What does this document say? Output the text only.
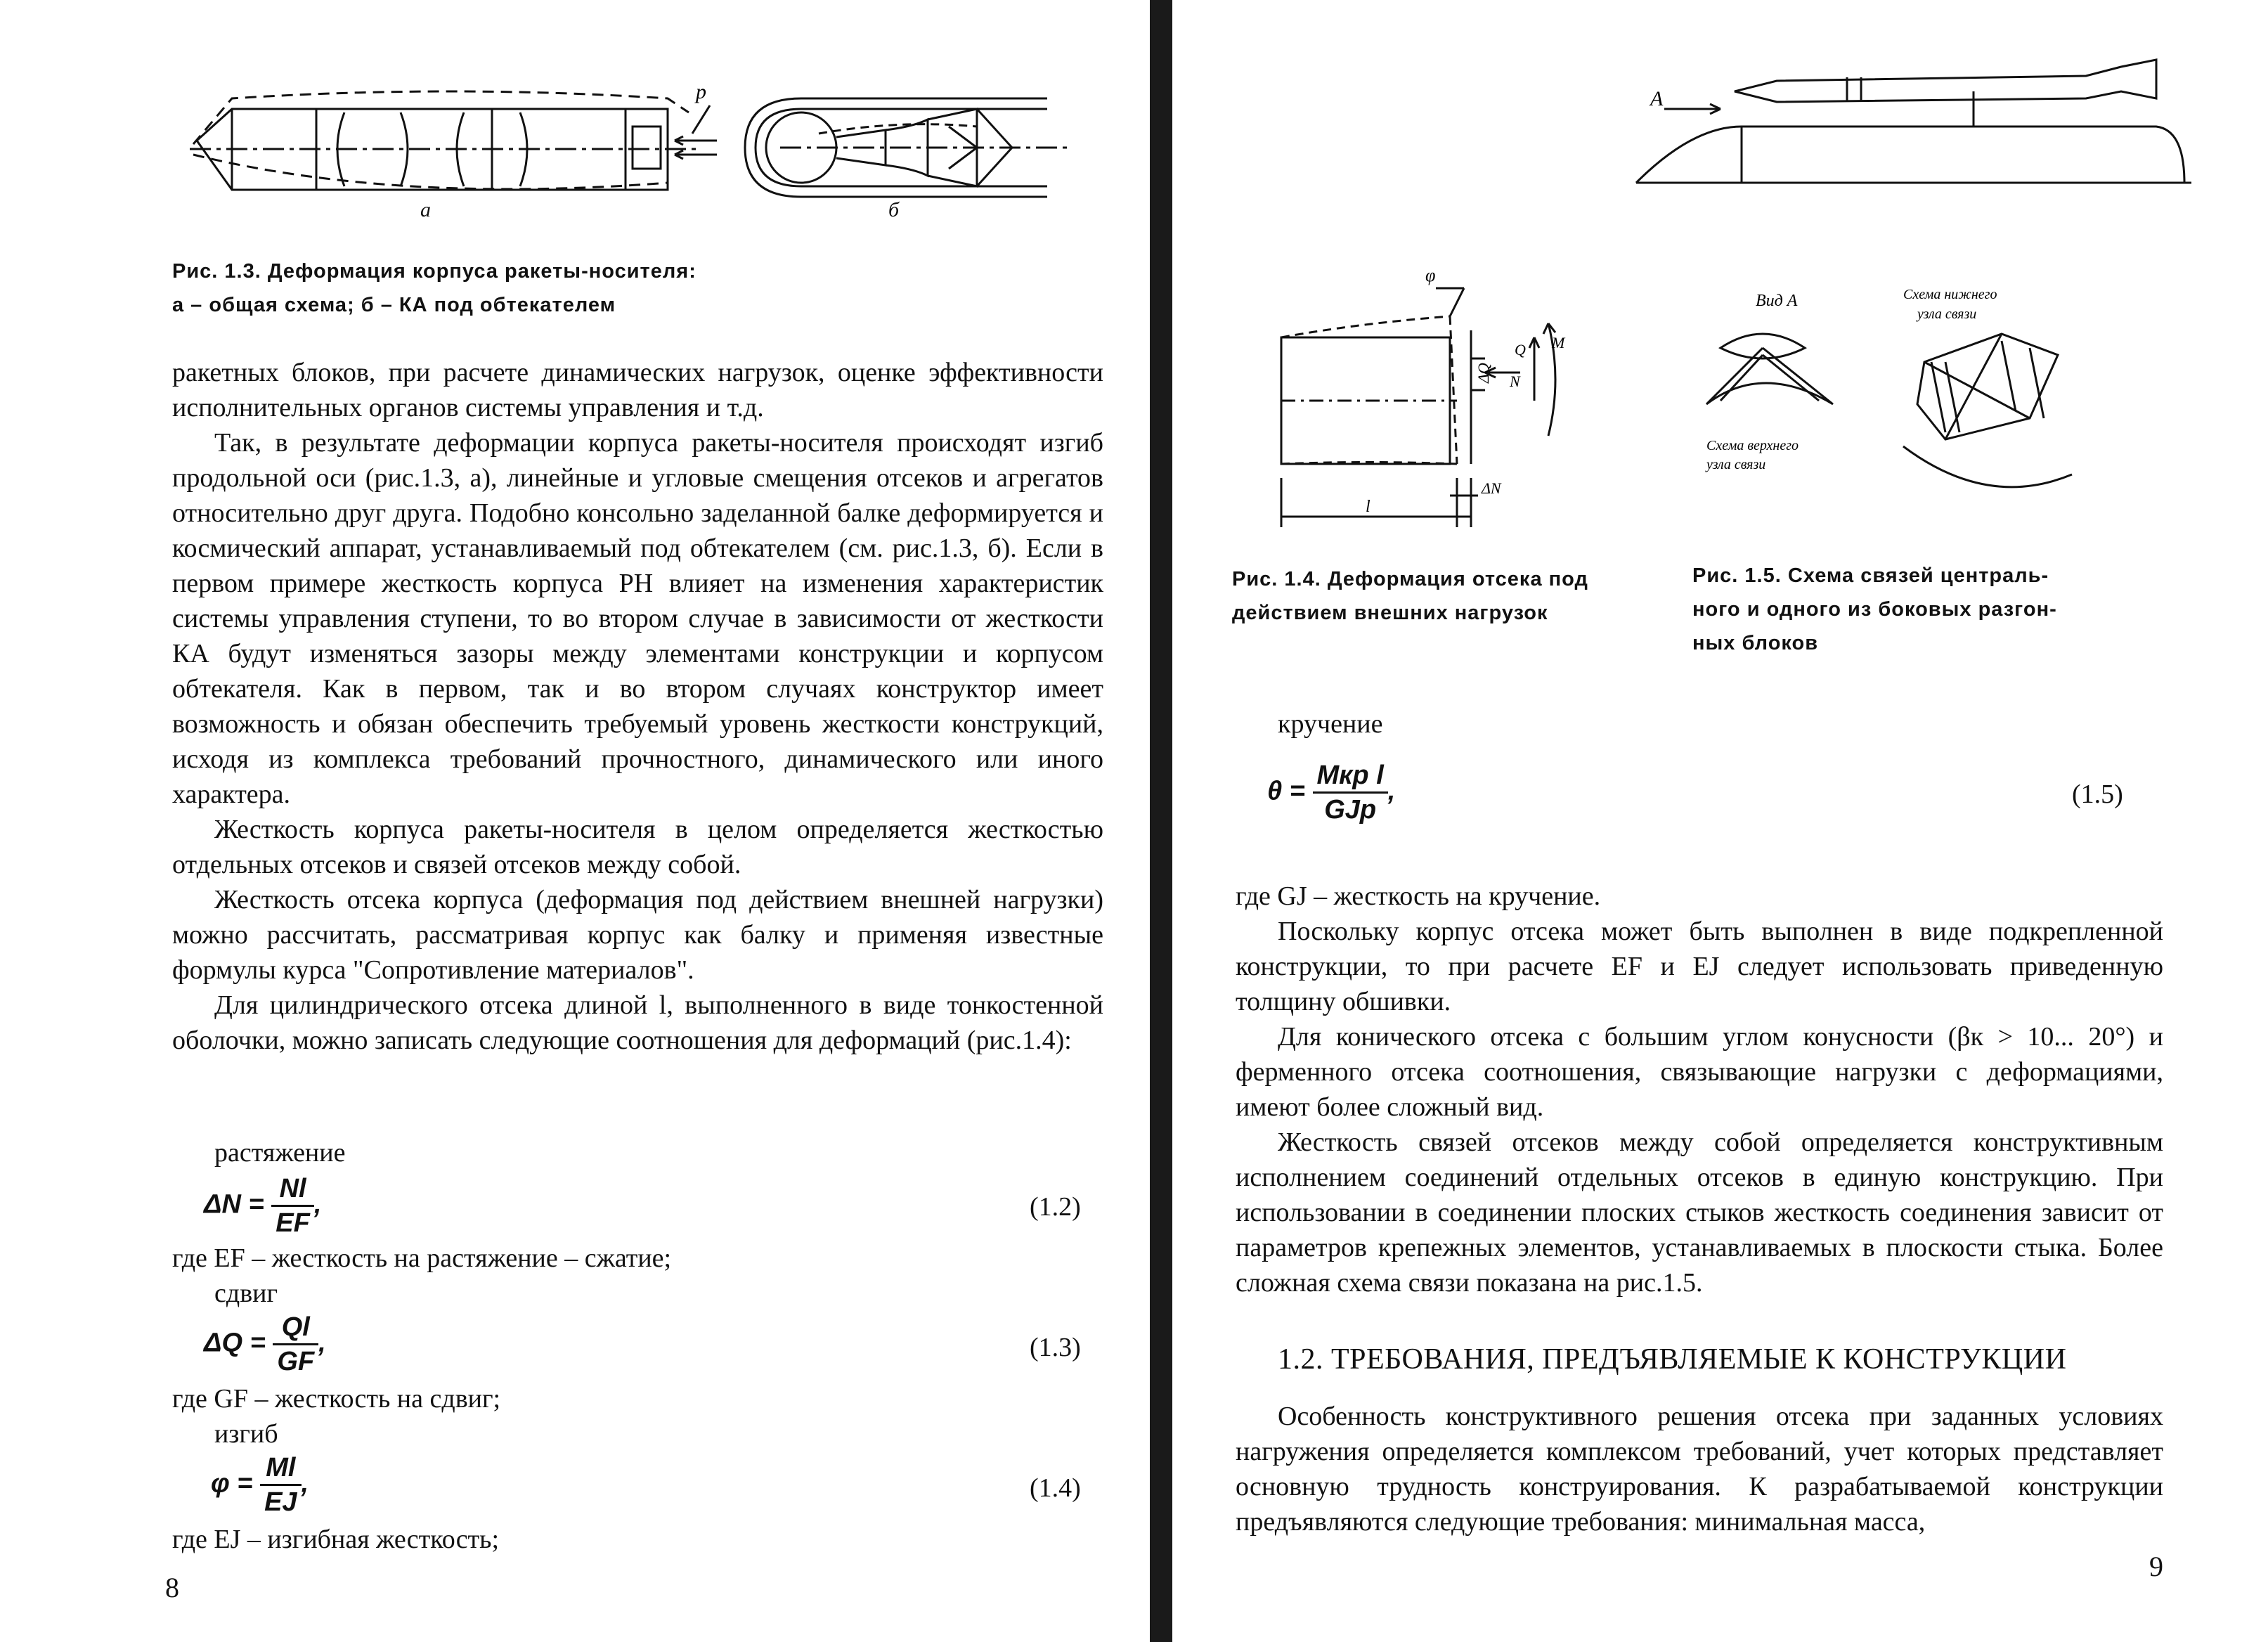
p
а	б
Рис. 1.3. Деформация корпуса ракеты-носителя:
а – общая схема; б – КА под обтекателем

ракетных блоков, при расчете динамических нагрузок, оценке эффективности исполнительных органов системы управления и т.д.

Так, в результате деформации корпуса ракеты-носителя происходят изгиб продольной оси (рис.1.3, а), линейные и угловые смещения отсеков и агрегатов относительно друг друга. Подобно консольно заделанной балке деформируется и космический аппарат, устанавливаемый под обтекателем (см. рис.1.3, б). Если в первом примере жесткость корпуса РН влияет на изменения характеристик системы управления ступени, то во втором случае в зависимости от жесткости КА будут изменяться зазоры между элементами конструкции и корпусом обтекателя. Как в первом, так и во втором случаях конструктор имеет возможность и обязан обеспечить требуемый уровень жесткости конструкций, исходя из комплекса требований прочностного, динамического или иного характера.

Жесткость корпуса ракеты-носителя в целом определяется жесткостью отдельных отсеков и связей отсеков между собой.

Жесткость отсека корпуса (деформация под действием внешней нагрузки) можно рассчитать, рассматривая корпус как балку и применяя известные формулы курса "Сопротивление материалов".

Для цилиндрического отсека длиной l, выполненного в виде тонкостенной оболочки, можно записать следующие соотношения для деформаций (рис.1.4):

растяжение
$\Delta N = \frac{Nl}{EF}$ ,	(1.2)
где EF – жесткость на растяжение – сжатие;
сдвиг
$\Delta Q = \frac{Ql}{GF}$ ,	(1.3)
где GF – жесткость на сдвиг;
изгиб
$\varphi = \frac{Ml}{EJ}$ ,	(1.4)
где EJ – изгибная жесткость;
8
A
φ
ΔQ
Q M
N
ΔN
l
Вид A	Схема нижнего
узла связи
Схема верхнего
узла связи
Рис. 1.4. Деформация отсека под
действием внешних нагрузок
Рис. 1.5. Схема связей централь-
ного и одного из боковых разгон-
ных блоков
кручение
$\theta = \frac{\text{Mкр l}}{\text{GJp}}$ ,	(1.5)
где GJ – жесткость на кручение.

Поскольку корпус отсека может быть выполнен в виде подкрепленной конструкции, то при расчете EF и EJ следует использовать приведенную толщину обшивки.

Для конического отсека с большим углом конусности (βк > 10... 20°) и ферменного отсека соотношения, связывающие нагрузки с деформациями, имеют более сложный вид.

Жесткость связей отсеков между собой определяется конструктивным исполнением соединений отдельных отсеков в единую конструкцию. При использовании в соединении плоских стыков жесткость соединения зависит от параметров крепежных элементов, устанавливаемых в плоскости стыка. Более сложная схема связи показана на рис.1.5.

1.2. ТРЕБОВАНИЯ, ПРЕДЪЯВЛЯЕМЫЕ К КОНСТРУКЦИИ

Особенность конструктивного решения отсека при заданных условиях нагружения определяется комплексом требований, учет которых представляет основную трудность конструирования. К разрабатываемой конструкции предъявляются следующие требования: минимальная масса,

9
